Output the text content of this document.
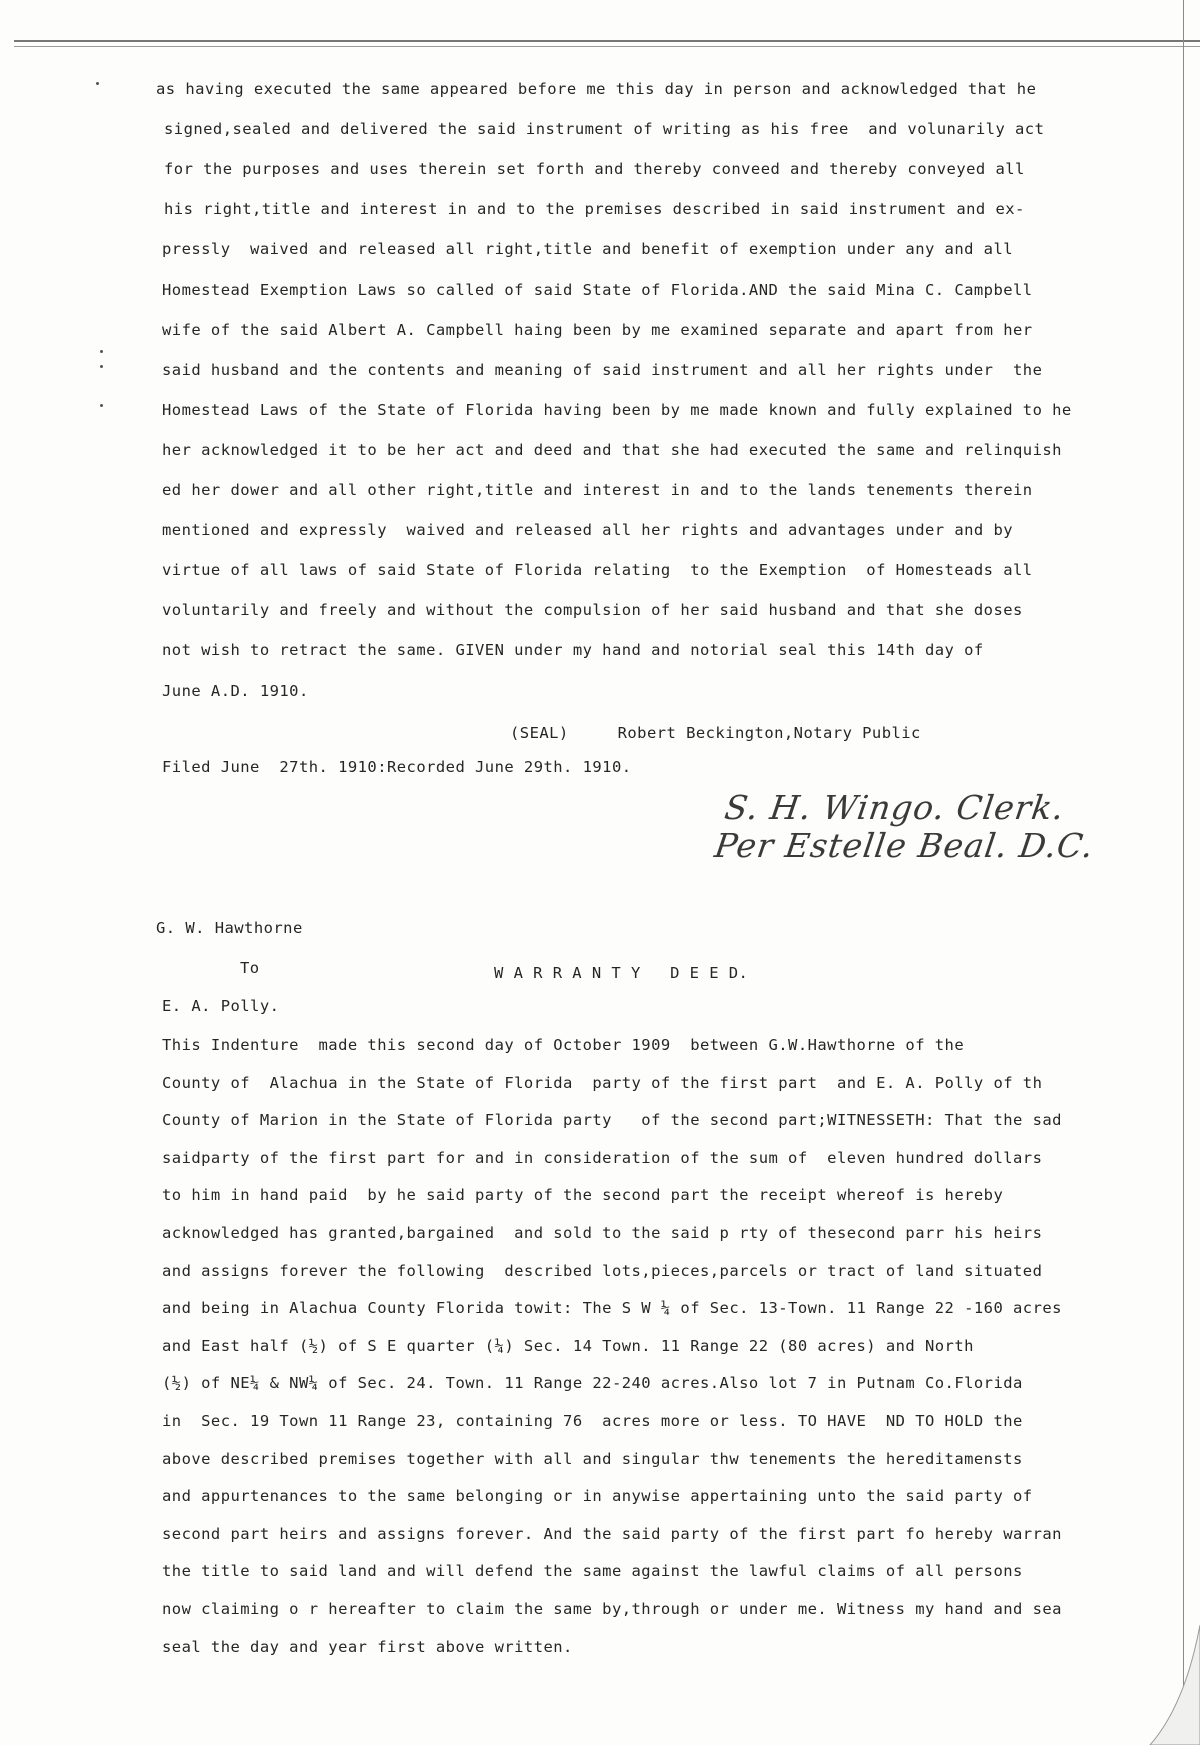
as having executed the same appeared before me this day in person and acknowledged that he

signed,sealed and delivered the said instrument of writing as his free  and volunarily act

for the purposes and uses therein set forth and thereby conveed and thereby conveyed all

his right,title and interest in and to the premises described in said instrument and ex-

pressly  waived and released all right,title and benefit of exemption under any and all

Homestead Exemption Laws so called of said State of Florida.AND the said Mina C. Campbell

wife of the said Albert A. Campbell haing been by me examined separate and apart from her

said husband and the contents and meaning of said instrument and all her rights under  the

Homestead Laws of the State of Florida having been by me made known and fully explained to he

her acknowledged it to be her act and deed and that she had executed the same and relinquish

ed her dower and all other right,title and interest in and to the lands tenements therein

mentioned and expressly  waived and released all her rights and advantages under and by

virtue of all laws of said State of Florida relating  to the Exemption  of Homesteads all

voluntarily and freely and without the compulsion of her said husband and that she doses

not wish to retract the same. GIVEN under my hand and notorial seal this 14th day of

June A.D. 1910.

(SEAL)     Robert Beckington,Notary Public

Filed June  27th. 1910:Recorded June 29th. 1910.

S. H. Wingo. Clerk.

Per Estelle Beal. D.C.

G. W. Hawthorne

To	W A R R A N T Y   D E E D.

E. A. Polly.

This Indenture  made this second day of October 1909  between G.W.Hawthorne of the

County of  Alachua in the State of Florida  party of the first part  and E. A. Polly of th

County of Marion in the State of Florida party   of the second part;WITNESSETH: That the sad

saidparty of the first part for and in consideration of the sum of  eleven hundred dollars

to him in hand paid  by he said party of the second part the receipt whereof is hereby

acknowledged has granted,bargained  and sold to the said p rty of thesecond parr his heirs

and assigns forever the following  described lots,pieces,parcels or tract of land situated

and being in Alachua County Florida towit: The S W ¼ of Sec. 13-Town. 11 Range 22 -160 acres

and East half (½) of S E quarter (¼) Sec. 14 Town. 11 Range 22 (80 acres) and North

(½) of NE¼ & NW¼ of Sec. 24. Town. 11 Range 22-240 acres.Also lot 7 in Putnam Co.Florida

in  Sec. 19 Town 11 Range 23, containing 76  acres more or less. TO HAVE  ND TO HOLD the

above described premises together with all and singular thw tenements the hereditamensts

and appurtenances to the same belonging or in anywise appertaining unto the said party of

second part heirs and assigns forever. And the said party of the first part fo hereby warran

the title to said land and will defend the same against the lawful claims of all persons

now claiming o r hereafter to claim the same by,through or under me. Witness my hand and sea

seal the day and year first above written.
